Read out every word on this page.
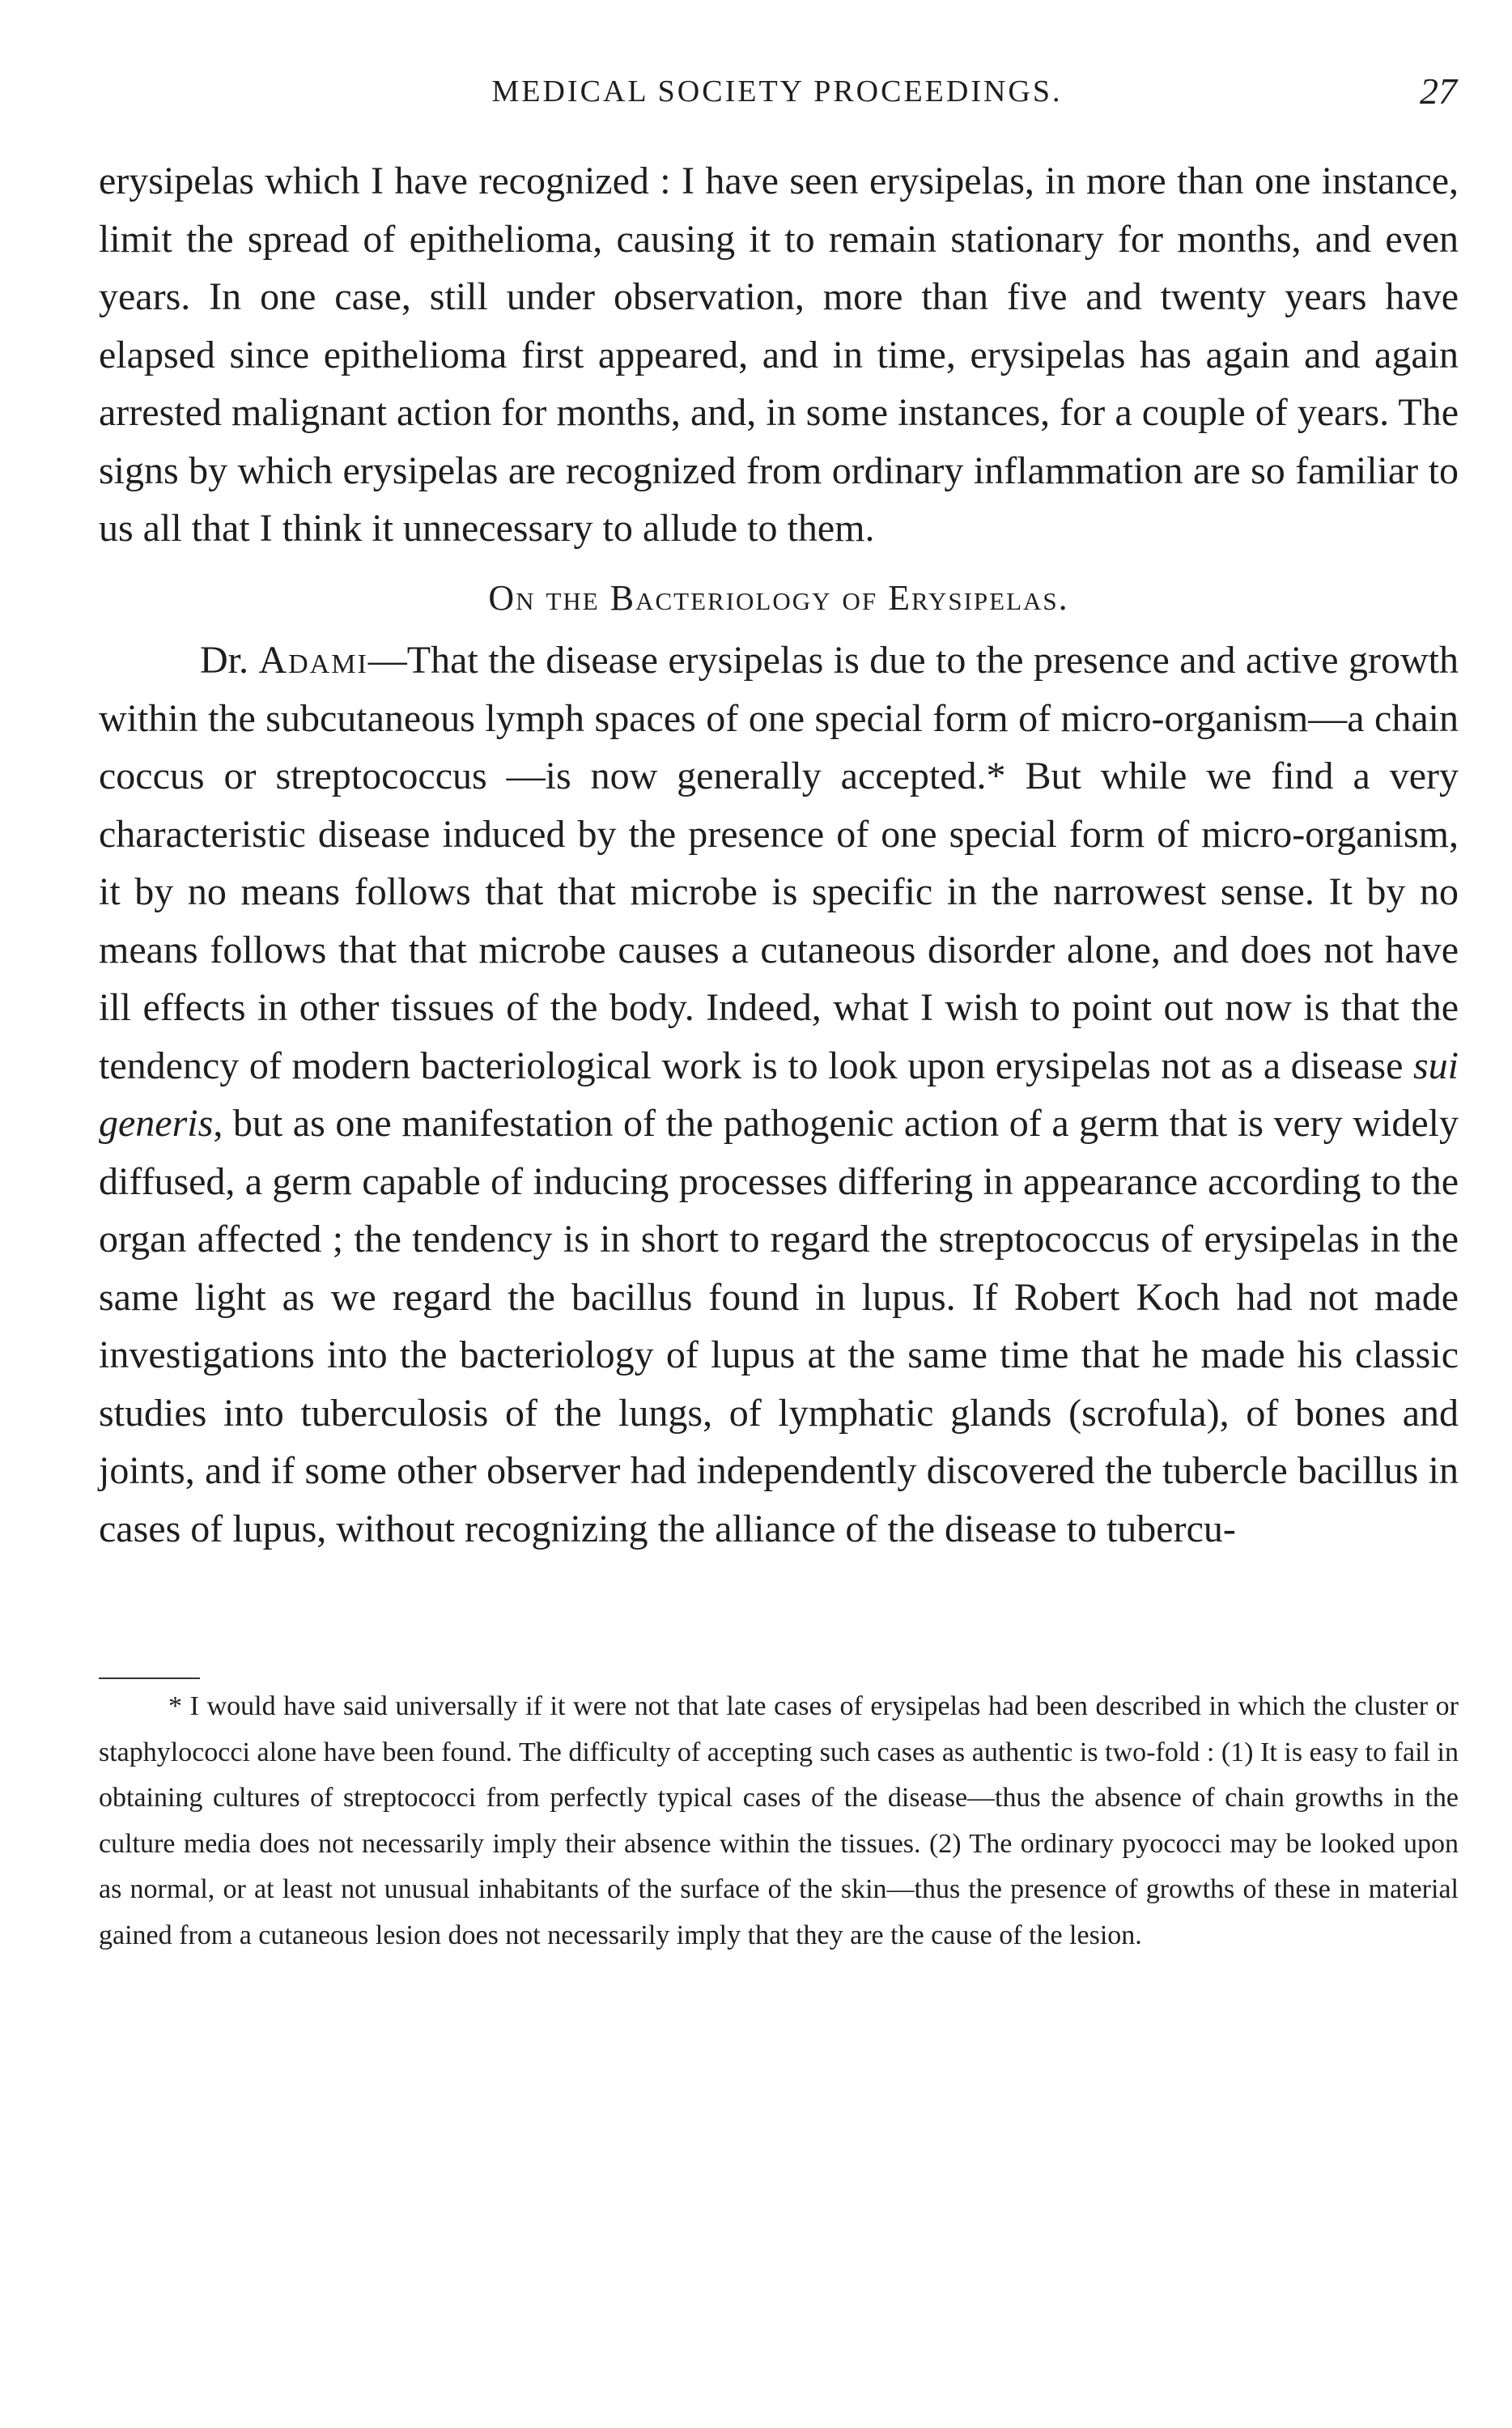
MEDICAL SOCIETY PROCEEDINGS.	27

erysipelas which I have recognized : I have seen erysipelas, in more than one instance, limit the spread of epithelioma, causing it to remain stationary for months, and even years. In one case, still under observation, more than five and twenty years have elapsed since epithelioma first appeared, and in time, erysipelas has again and again arrested malignant action for months, and, in some instances, for a couple of years. The signs by which erysipelas are recognized from ordinary inflammation are so familiar to us all that I think it unnecessary to allude to them.

On the Bacteriology of Erysipelas.

Dr. Adami—That the disease erysipelas is due to the presence and active growth within the subcutaneous lymph spaces of one special form of micro-organism—a chain coccus or streptococcus —is now generally accepted.* But while we find a very characteristic disease induced by the presence of one special form of micro-organism, it by no means follows that that microbe is specific in the narrowest sense. It by no means follows that that microbe causes a cutaneous disorder alone, and does not have ill effects in other tissues of the body. Indeed, what I wish to point out now is that the tendency of modern bacteriological work is to look upon erysipelas not as a disease sui generis, but as one manifestation of the pathogenic action of a germ that is very widely diffused, a germ capable of inducing processes differing in appearance according to the organ affected ; the tendency is in short to regard the streptococcus of erysipelas in the same light as we regard the bacillus found in lupus. If Robert Koch had not made investigations into the bacteriology of lupus at the same time that he made his classic studies into tuberculosis of the lungs, of lymphatic glands (scrofula), of bones and joints, and if some other observer had independently discovered the tubercle bacillus in cases of lupus, without recognizing the alliance of the disease to tubercu-

* I would have said universally if it were not that late cases of erysipelas had been described in which the cluster or staphylococci alone have been found. The difficulty of accepting such cases as authentic is two-fold : (1) It is easy to fail in obtaining cultures of streptococci from perfectly typical cases of the disease—thus the absence of chain growths in the culture media does not necessarily imply their absence within the tissues. (2) The ordinary pyococci may be looked upon as normal, or at least not unusual inhabitants of the surface of the skin—thus the presence of growths of these in material gained from a cutaneous lesion does not necessarily imply that they are the cause of the lesion.
